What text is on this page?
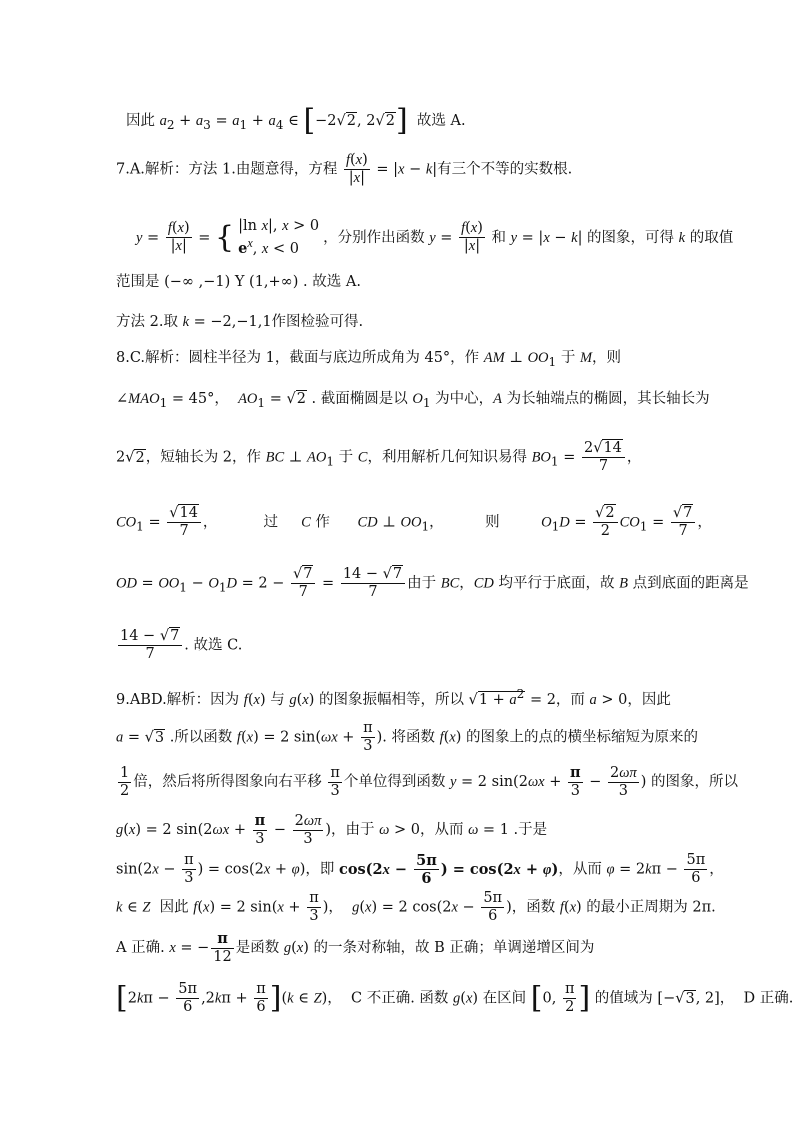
因此 $a_2 + a_3 = a_1 + a_4$ ∈ [−2√2, 2√2]  故选 A.
7.A.解析：方法 1.由题意得，方程 $\frac{f(x)}{|x|} = |x - k|$有三个不等的实数根.
$y = \frac{f(x)}{|x|}$ = { |ln x|, x > 0
$e^x$, x < 0
，分别作出函数 $y = \frac{f(x)}{|x|}$ 和 y = |x − k| 的图象，可得 k 的取值
范围是 (−∞ ,−1) Y (1,+∞) . 故选 A.
方法 2.取 k = −2,−1,1作图检验可得.
8.C.解析：圆柱半径为 1，截面与底边所成角为 45°，作 AM ⊥ $OO_1$ 于 M，则
$\angle MAO_1 = 45^\circ$，  $AO_1 = √2$ . 截面椭圆是以 $O_1$ 为中心，A 为长轴端点的椭圆，其长轴长为
2√2，短轴长为 2，作 BC ⊥ $AO_1$ 于 C，利用解析几何知识易得 $BO_1 = \frac{2√14}{7}$ ，
$CO_1 = \frac{√14}{7}$ ，          过     C 作      CD ⊥ $OO_1$，         则         $O_1D = \frac{√2}{2} CO_1 = \frac{√7}{7}$ ，
OD = $OO_1 - O_1D = 2 - \frac{√7}{7} = \frac{14 - √7}{7}$ 由于 BC，CD 均平行于底面，故 B 点到底面的距离是
$\frac{14 - √7}{7}$ . 故选 C.
9.ABD.解析：因为 f(x) 与 g(x) 的图象振幅相等，所以 $√1 + a^2 = 2$，而 a > 0，因此
a = √3 .所以函数 f(x) = 2 $\sin(\omega x + \frac{\pi}{3}$ ). 将函数 f(x) 的图象上的点的横坐标缩短为原来的
$\frac{1}{2}$ 倍，然后将所得图象向右平移 $\frac{\pi}{3}$ 个单位得到函数 y = 2 $\sin(2\omega x + \frac{\pi}{3} - \frac{2\omega\pi}{3}$ ) 的图象，所以
g(x) = 2 $\sin(2\omega x + \frac{\pi}{3} - \frac{2\omega\pi}{3}$ )，由于 ω > 0，从而 ω = 1 .于是
$\sin(2x - \frac{\pi}{3}$ ) = cos(2x + φ)，即 $\cos(2x - \frac{5\pi}{6}$ ) = cos(2x + φ)，从而 $\varphi = 2k\pi - \frac{5\pi}{6}$ ，
k ∈ Z  因此 f(x) = 2 $\sin(x + \frac{\pi}{3}$ )，  g(x) = 2 $\cos(2x - \frac{5\pi}{6}$ )，函数 f(x) 的最小正周期为 2π.
A 正确. x = − $\frac{\pi}{12}$ 是函数 g(x) 的一条对称轴，故 B 正确；单调递增区间为
$[2k\pi - \frac{5\pi}{6} ,2k\pi + \frac{\pi}{6} ](k$ ∈ Z)，  C 不正确. 函数 g(x) 在区间 [0, $\frac{\pi}{2}$ ] 的值域为 [−√3, 2]，  D 正确.
